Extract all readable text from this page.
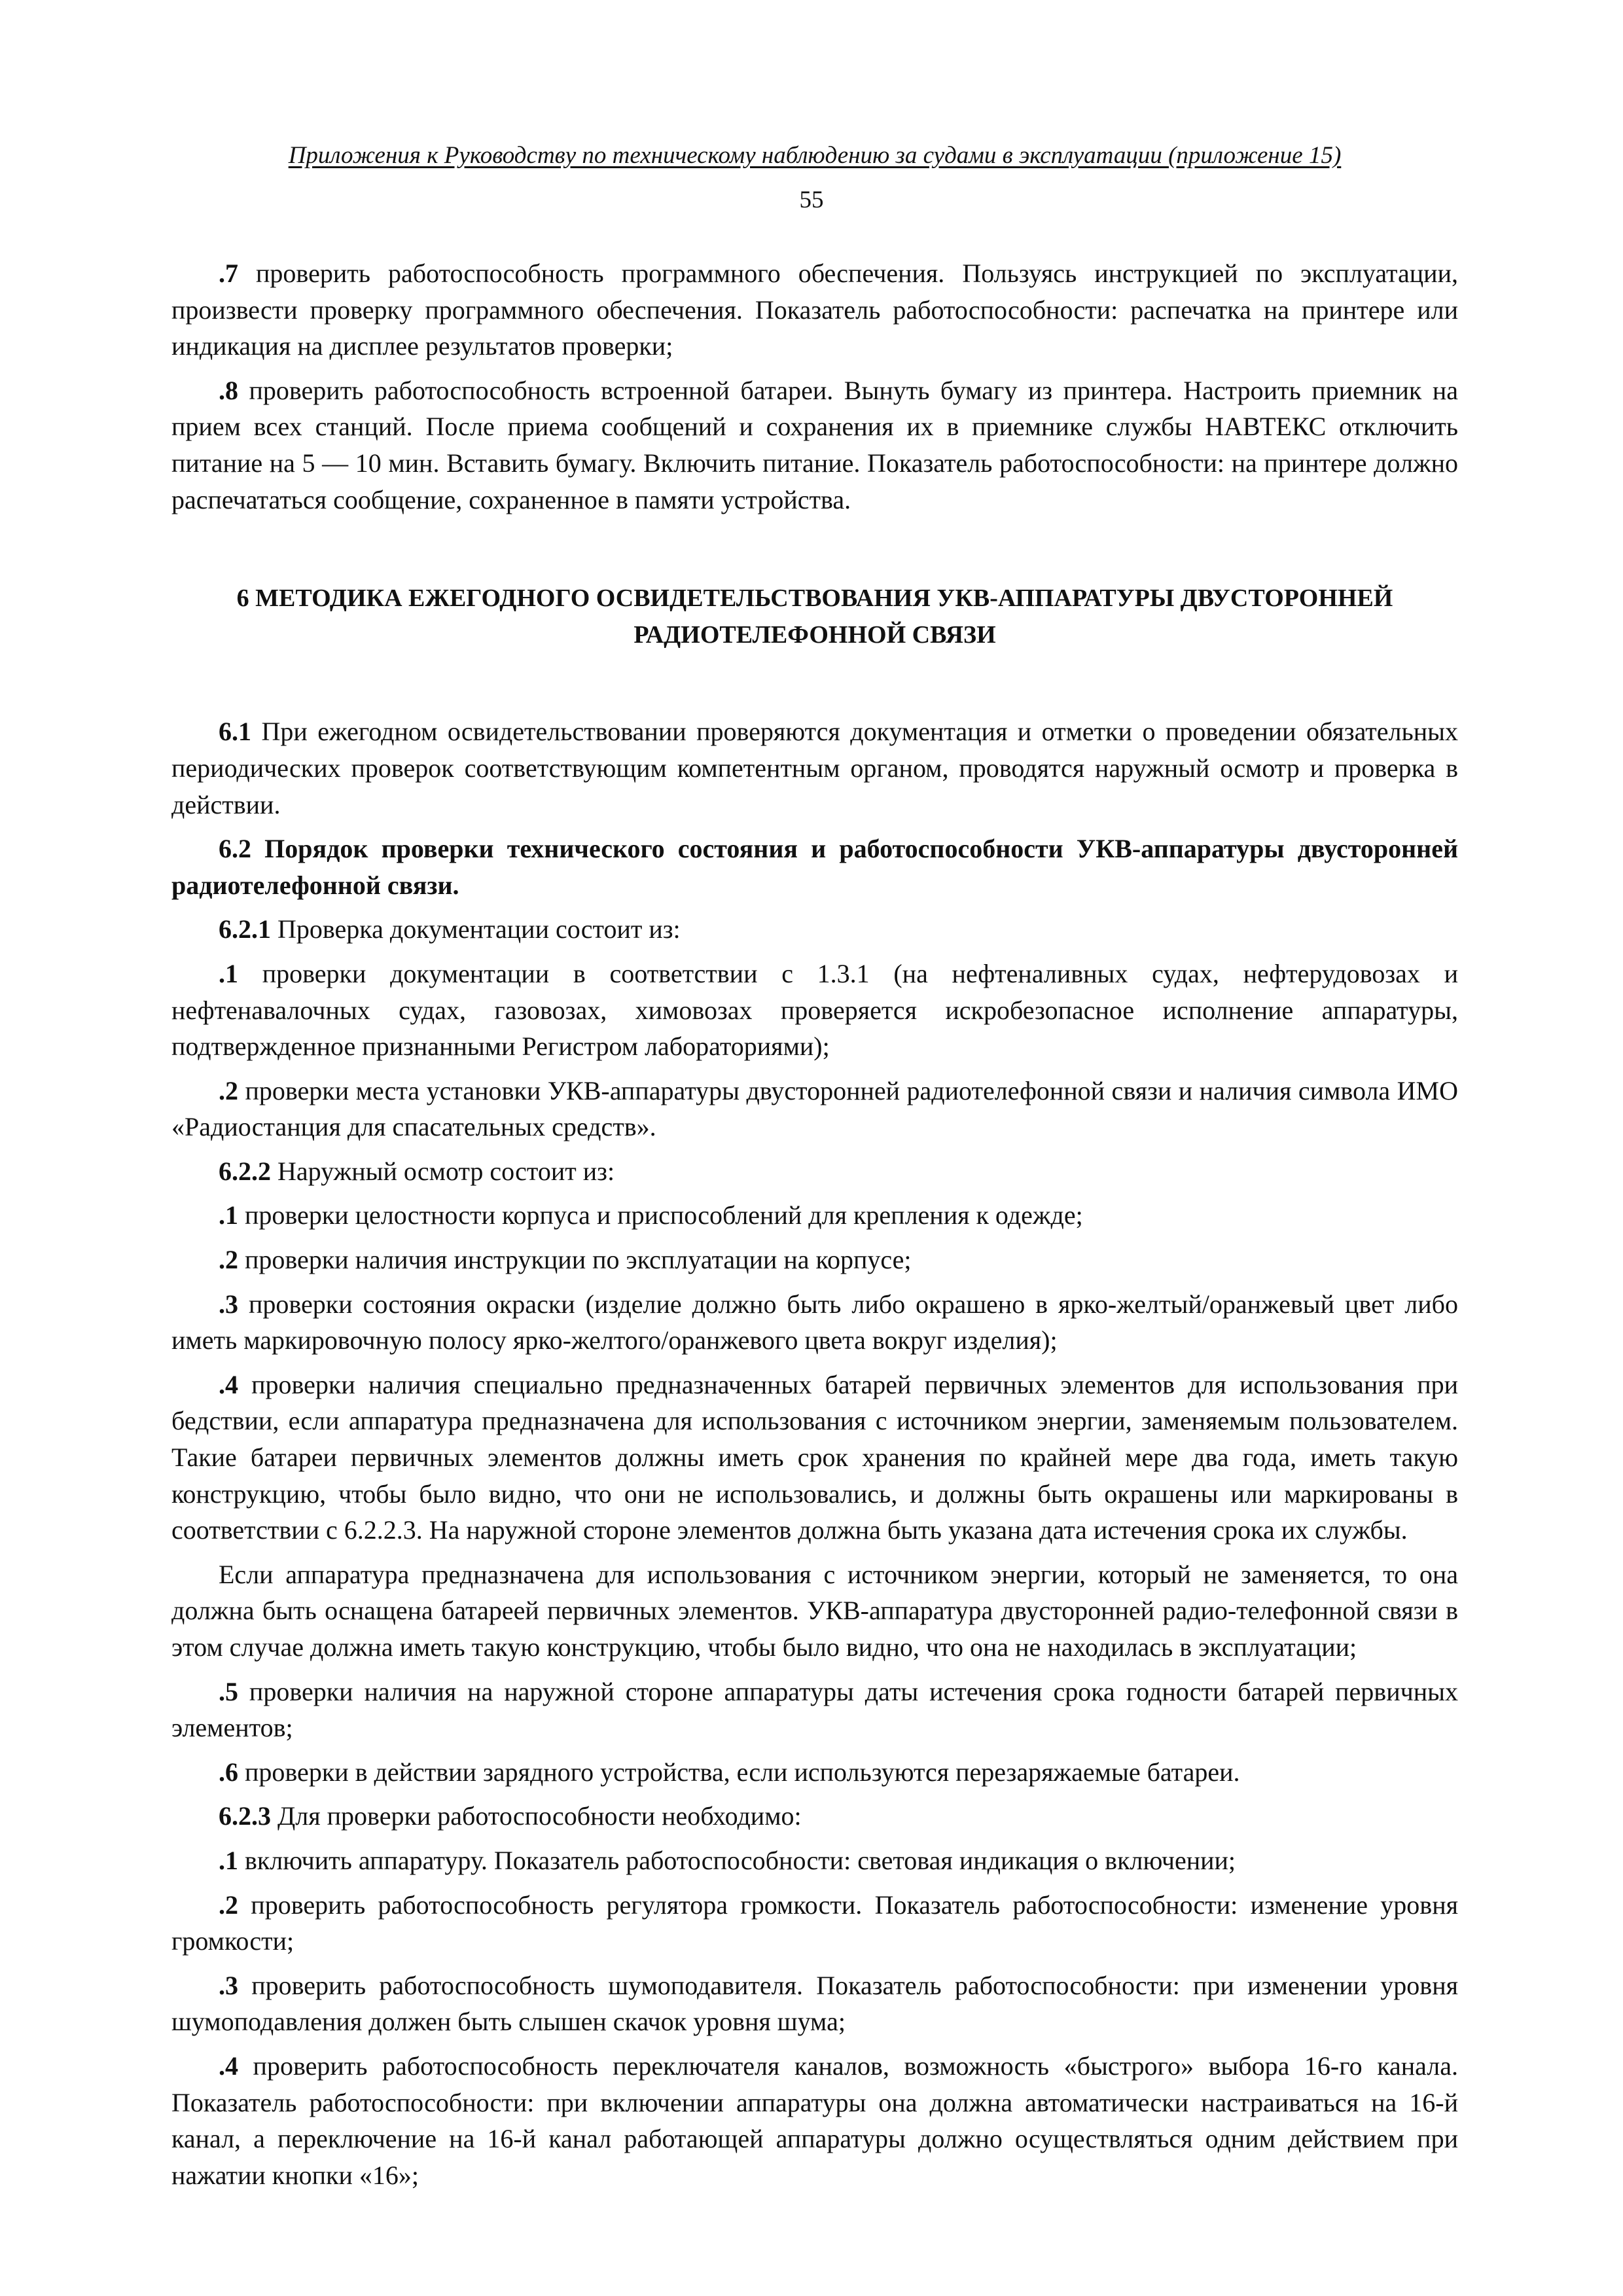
Приложения к Руководству по техническому наблюдению за судами в эксплуатации (приложение 15)
55

.7 проверить работоспособность программного обеспечения. Пользуясь инструкцией по эксплуатации, произвести проверку программного обеспечения. Показатель работоспособности: распечатка на принтере или индикация на дисплее результатов проверки;

.8 проверить работоспособность встроенной батареи. Вынуть бумагу из принтера. Настроить приемник на прием всех станций. После приема сообщений и сохранения их в приемнике службы НАВТЕКС отключить питание на 5 — 10 мин. Вставить бумагу. Включить питание. Показатель работоспособности: на принтере должно распечататься сообщение, сохраненное в памяти устройства.

6 МЕТОДИКА ЕЖЕГОДНОГО ОСВИДЕТЕЛЬСТВОВАНИЯ УКВ-АППАРАТУРЫ ДВУСТОРОННЕЙ
РАДИОТЕЛЕФОННОЙ СВЯЗИ

6.1 При ежегодном освидетельствовании проверяются документация и отметки о проведении обязательных периодических проверок соответствующим компетентным органом, проводятся наружный осмотр и проверка в действии.

6.2 Порядок проверки технического состояния и работоспособности УКВ-аппаратуры двусторонней радиотелефонной связи.

6.2.1 Проверка документации состоит из:

.1 проверки документации в соответствии с 1.3.1 (на нефтеналивных судах, нефтерудовозах и нефтенавалочных судах, газовозах, химовозах проверяется искробезопасное исполнение аппаратуры, подтвержденное признанными Регистром лабораториями);

.2 проверки места установки УКВ-аппаратуры двусторонней радиотелефонной связи и наличия символа ИМО «Радиостанция для спасательных средств».

6.2.2 Наружный осмотр состоит из:

.1 проверки целостности корпуса и приспособлений для крепления к одежде;

.2 проверки наличия инструкции по эксплуатации на корпусе;

.3 проверки состояния окраски (изделие должно быть либо окрашено в ярко-желтый/оранжевый цвет либо иметь маркировочную полосу ярко-желтого/оранжевого цвета вокруг изделия);

.4 проверки наличия специально предназначенных батарей первичных элементов для использования при бедствии, если аппаратура предназначена для использования с источником энергии, заменяемым пользователем. Такие батареи первичных элементов должны иметь срок хранения по крайней мере два года, иметь такую конструкцию, чтобы было видно, что они не использовались, и должны быть окрашены или маркированы в соответствии с 6.2.2.3. На наружной стороне элементов должна быть указана дата истечения срока их службы.

Если аппаратура предназначена для использования с источником энергии, который не заменяется, то она должна быть оснащена батареей первичных элементов. УКВ-аппаратура двусторонней радио-телефонной связи в этом случае должна иметь такую конструкцию, чтобы было видно, что она не находилась в эксплуатации;

.5 проверки наличия на наружной стороне аппаратуры даты истечения срока годности батарей первичных элементов;

.6 проверки в действии зарядного устройства, если используются перезаряжаемые батареи.

6.2.3 Для проверки работоспособности необходимо:

.1 включить аппаратуру. Показатель работоспособности: световая индикация о включении;

.2 проверить работоспособность регулятора громкости. Показатель работоспособности: изменение уровня громкости;

.3 проверить работоспособность шумоподавителя. Показатель работоспособности: при изменении уровня шумоподавления должен быть слышен скачок уровня шума;

.4 проверить работоспособность переключателя каналов, возможность «быстрого» выбора 16-го канала. Показатель работоспособности: при включении аппаратуры она должна автоматически настраиваться на 16-й канал, а переключение на 16-й канал работающей аппаратуры должно осуществляться одним действием при нажатии кнопки «16»;
